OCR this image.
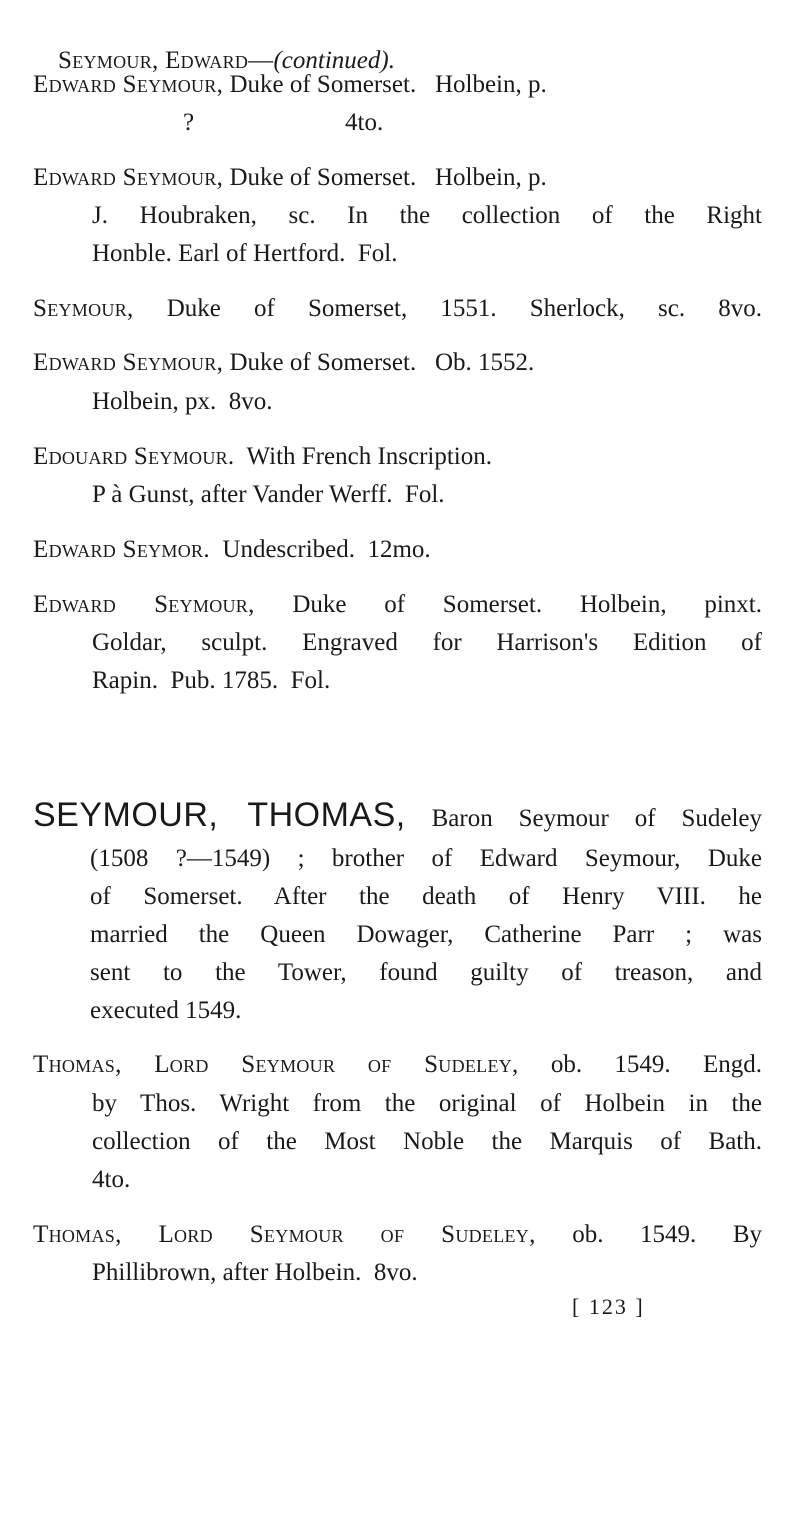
Seymour, Edward—(continued).

[ 123 ]
Edward Seymour, Duke of Somerset.   Holbein, p.
?	4to.
Edward Seymour, Duke of Somerset.   Holbein, p.
J. Houbraken, sc. In the collection of the Right
Honble. Earl of Hertford.  Fol.
Seymour, Duke of Somerset, 1551. Sherlock, sc. 8vo.
Edward Seymour, Duke of Somerset.   Ob. 1552.
Holbein, px.  8vo.
Edouard Seymour.  With French Inscription.
P à Gunst, after Vander Werff.  Fol.
Edward Seymor.  Undescribed.  12mo.
Edward Seymour, Duke of Somerset. Holbein, pinxt.
Goldar, sculpt. Engraved for Harrison's Edition of
Rapin.  Pub. 1785.  Fol.
SEYMOUR, THOMAS, Baron Seymour of Sudeley
(1508 ?—1549) ; brother of Edward Seymour, Duke
of Somerset. After the death of Henry VIII. he
married the Queen Dowager, Catherine Parr ; was
sent to the Tower, found guilty of treason, and
executed 1549.
Thomas, Lord Seymour of Sudeley, ob. 1549. Engd.
by Thos. Wright from the original of Holbein in the
collection of the Most Noble the Marquis of Bath.
4to.
Thomas, Lord Seymour of Sudeley, ob. 1549. By
Phillibrown, after Holbein.  8vo.
